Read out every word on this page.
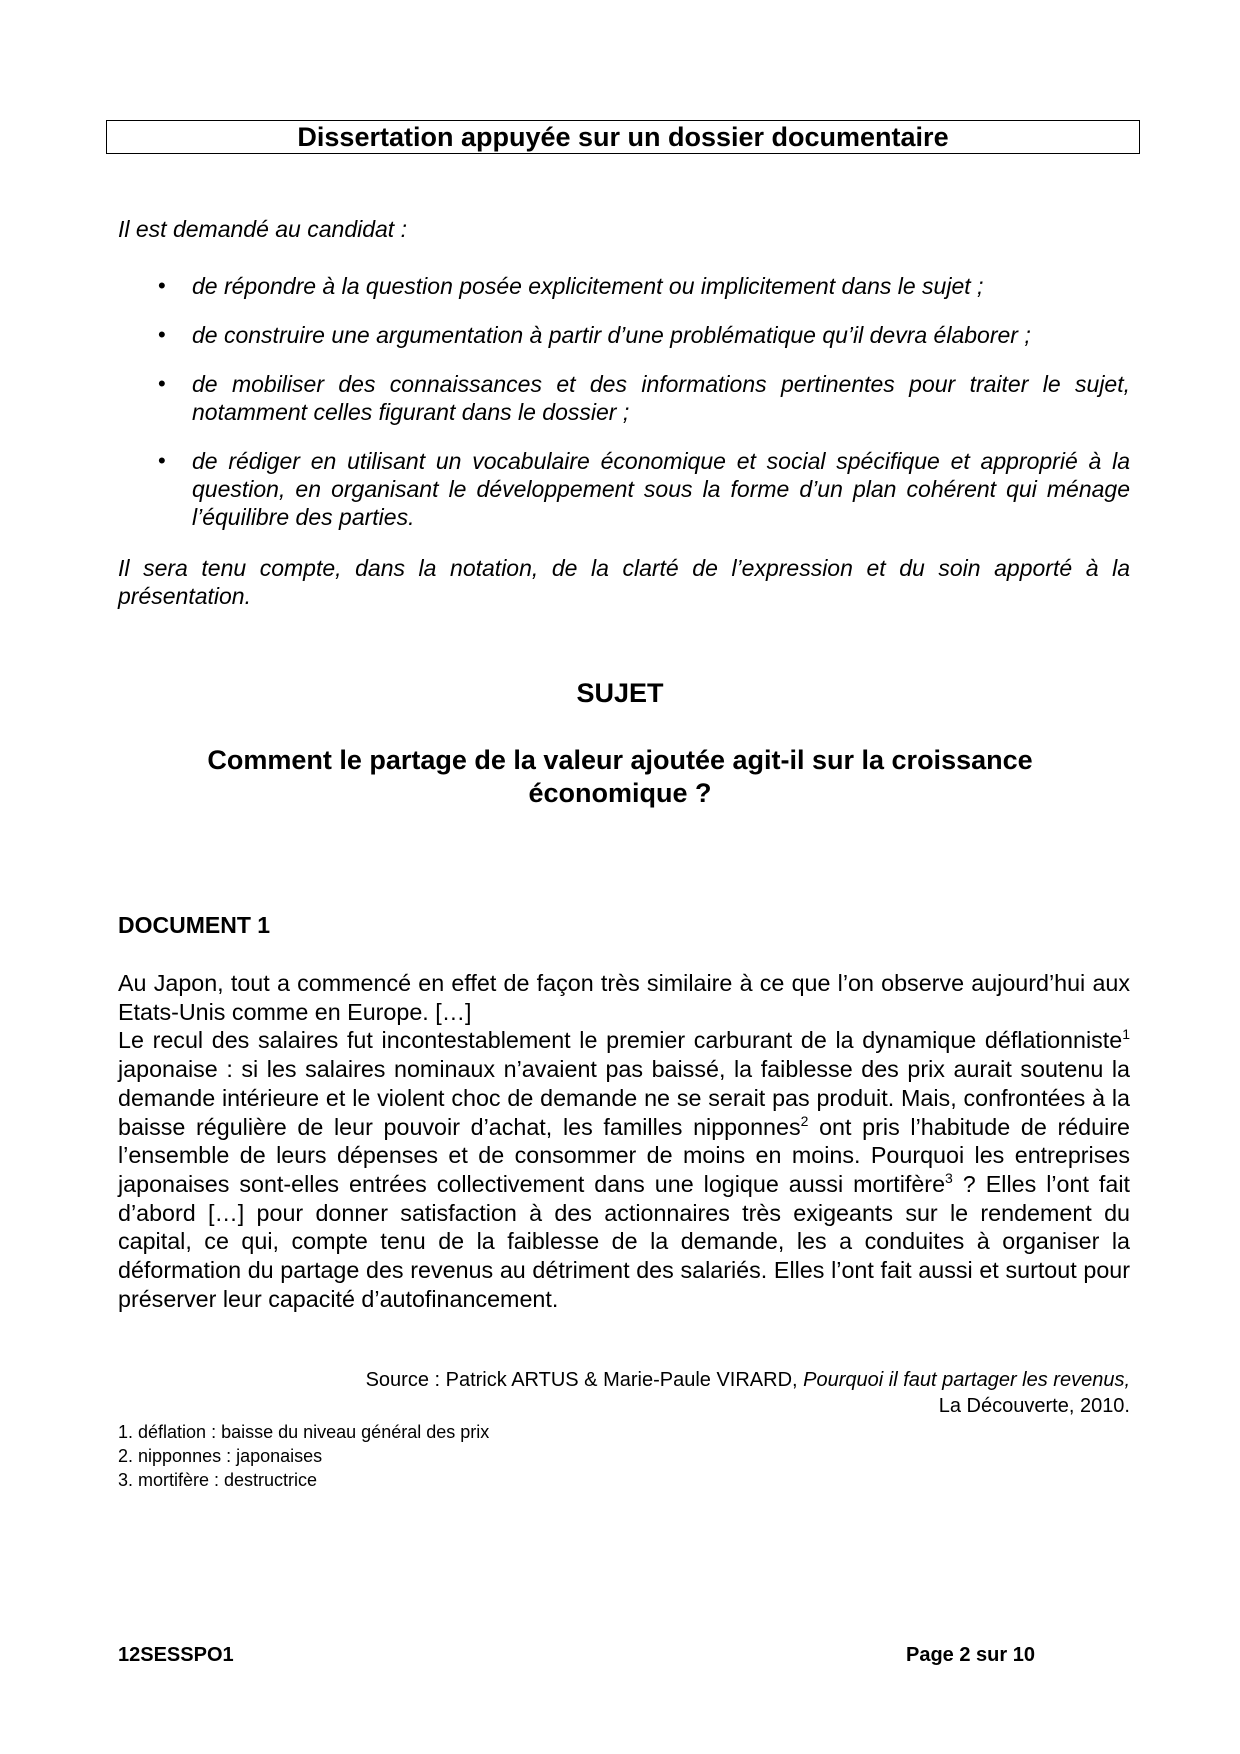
Dissertation appuyée sur un dossier documentaire
Il est demandé au candidat :
• de répondre à la question posée explicitement ou implicitement dans le sujet ;
• de construire une argumentation à partir d’une problématique qu’il devra élaborer ;
• de mobiliser des connaissances et des informations pertinentes pour traiter le sujet, notamment celles figurant dans le dossier ;
• de rédiger en utilisant un vocabulaire économique et social spécifique et approprié à la question, en organisant le développement sous la forme d’un plan cohérent qui ménage l’équilibre des parties.
Il sera tenu compte, dans la notation, de la clarté de l’expression et du soin apporté à la présentation.
SUJET
Comment le partage de la valeur ajoutée agit-il sur la croissance
économique ?
DOCUMENT 1
Au Japon, tout a commencé en effet de façon très similaire à ce que l’on observe aujourd’hui aux Etats-Unis comme en Europe. […]
Le recul des salaires fut incontestablement le premier carburant de la dynamique déflationniste$^1$ japonaise : si les salaires nominaux n’avaient pas baissé, la faiblesse des prix aurait soutenu la demande intérieure et le violent choc de demande ne se serait pas produit. Mais, confrontées à la baisse régulière de leur pouvoir d’achat, les familles nipponnes$^2$ ont pris l’habitude de réduire l’ensemble de leurs dépenses et de consommer de moins en moins. Pourquoi les entreprises japonaises sont-elles entrées collectivement dans une logique aussi mortifère$^3$ ? Elles l’ont fait d’abord […] pour donner satisfaction à des actionnaires très exigeants sur le rendement du capital, ce qui, compte tenu de la faiblesse de la demande, les a conduites à organiser la déformation du partage des revenus au détriment des salariés. Elles l’ont fait aussi et surtout pour préserver leur capacité d’autofinancement.
Source : Patrick ARTUS & Marie-Paule VIRARD, Pourquoi il faut partager les revenus,
La Découverte, 2010.
1. déflation : baisse du niveau général des prix
2. nipponnes : japonaises
3. mortifère : destructrice
12SESSPO1	Page 2 sur 10
